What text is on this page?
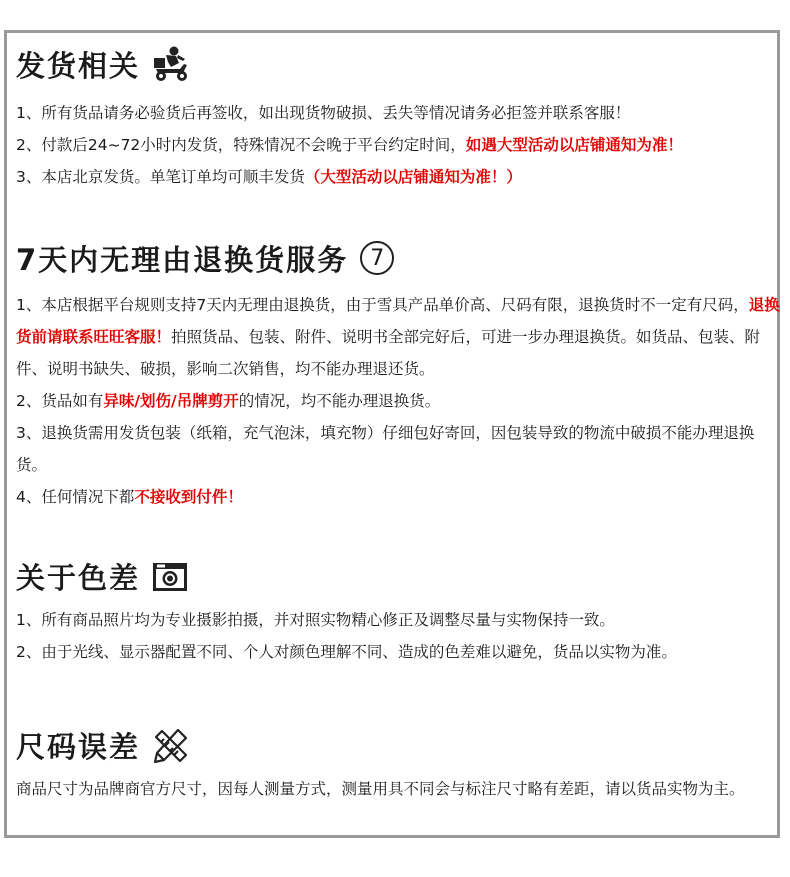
发货相关

1、所有货品请务必验货后再签收，如出现货物破损、丢失等情况请务必拒签并联系客服！

2、付款后24~72小时内发货，特殊情况不会晚于平台约定时间，如遇大型活动以店铺通知为准！

3、本店北京发货。单笔订单均可顺丰发货（大型活动以店铺通知为准！）

7天内无理由退换货服务 7

1、本店根据平台规则支持7天内无理由退换货，由于雪具产品单价高、尺码有限，退换货时不一定有尺码，退换货前请联系旺旺客服！拍照货品、包装、附件、说明书全部完好后，可进一步办理退换货。如货品、包装、附件、说明书缺失、破损，影响二次销售，均不能办理退还货。

2、货品如有异味/划伤/吊牌剪开的情况，均不能办理退换货。

3、退换货需用发货包装（纸箱，充气泡沫，填充物）仔细包好寄回，因包装导致的物流中破损不能办理退换货。

4、任何情况下都不接收到付件！

关于色差

1、所有商品照片均为专业摄影拍摄，并对照实物精心修正及调整尽量与实物保持一致。

2、由于光线、显示器配置不同、个人对颜色理解不同、造成的色差难以避免，货品以实物为准。

尺码误差

商品尺寸为品牌商官方尺寸，因每人测量方式，测量用具不同会与标注尺寸略有差距，请以货品实物为主。
